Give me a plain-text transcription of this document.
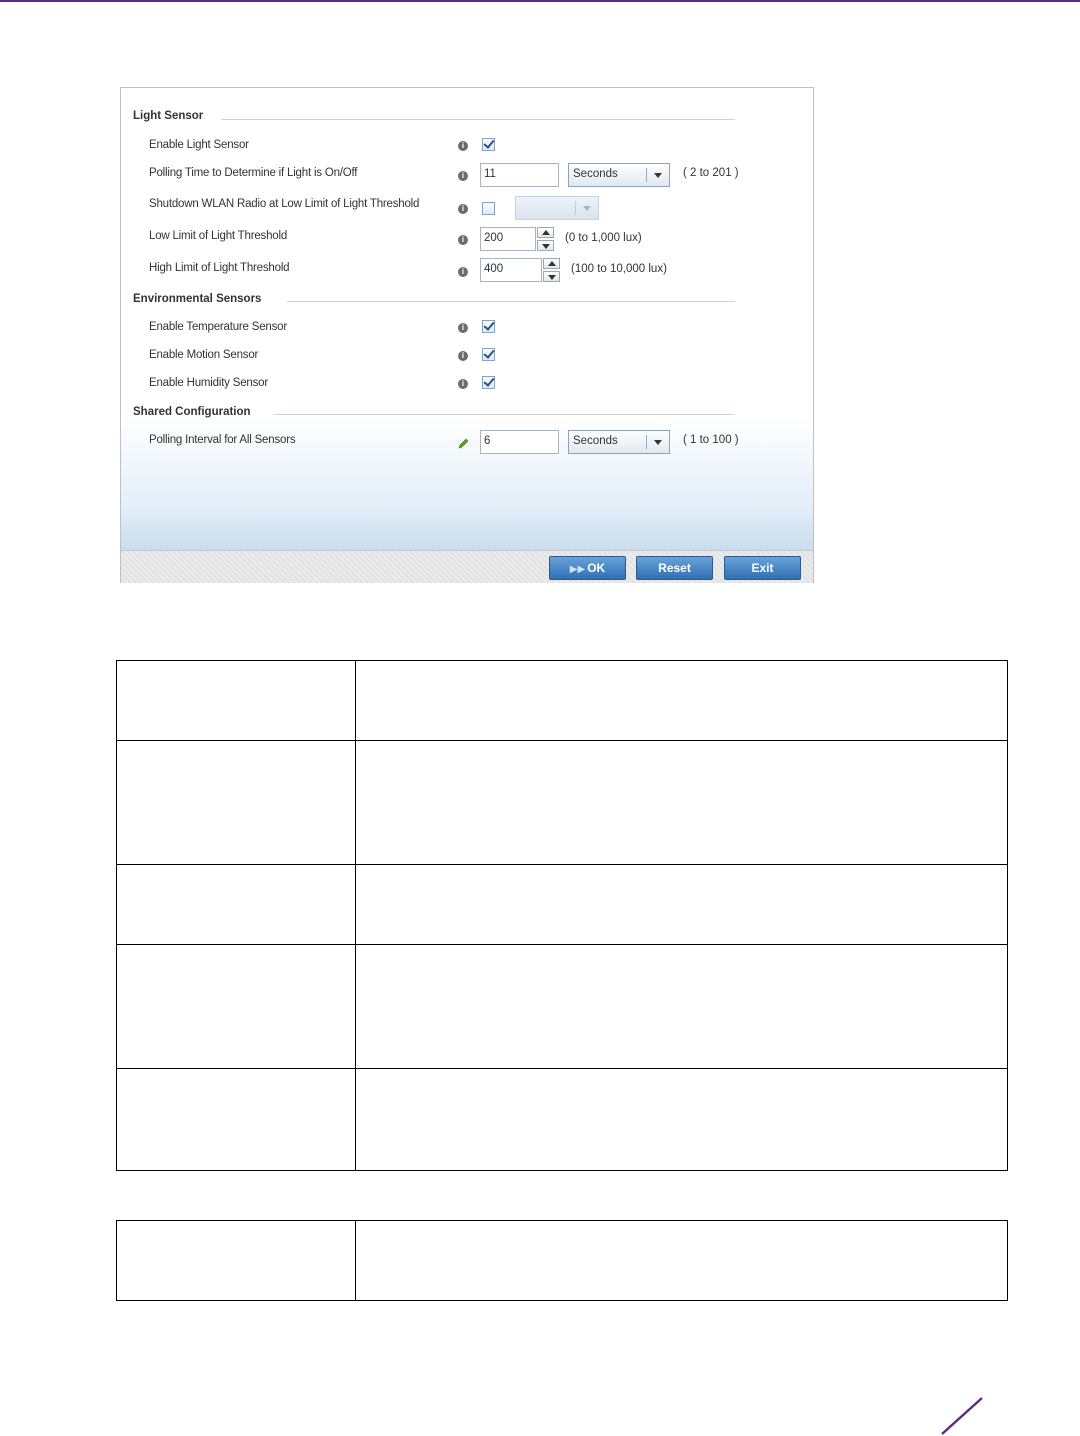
Light Sensor
Enable Light Sensor	i
Polling Time to Determine if Light is On/Off	i	11	Seconds	( 2 to 201 )
Shutdown WLAN Radio at Low Limit of Light Threshold	i
Low Limit of Light Threshold	i	200	(0 to 1,000 lux)
High Limit of Light Threshold	i	400	(100 to 10,000 lux)
Environmental Sensors
Enable Temperature Sensor	i
Enable Motion Sensor	i
Enable Humidity Sensor	i
Shared Configuration
Polling Interval for All Sensors	6	Seconds	( 1 to 100 )
▶▶ OK	Reset	Exit
